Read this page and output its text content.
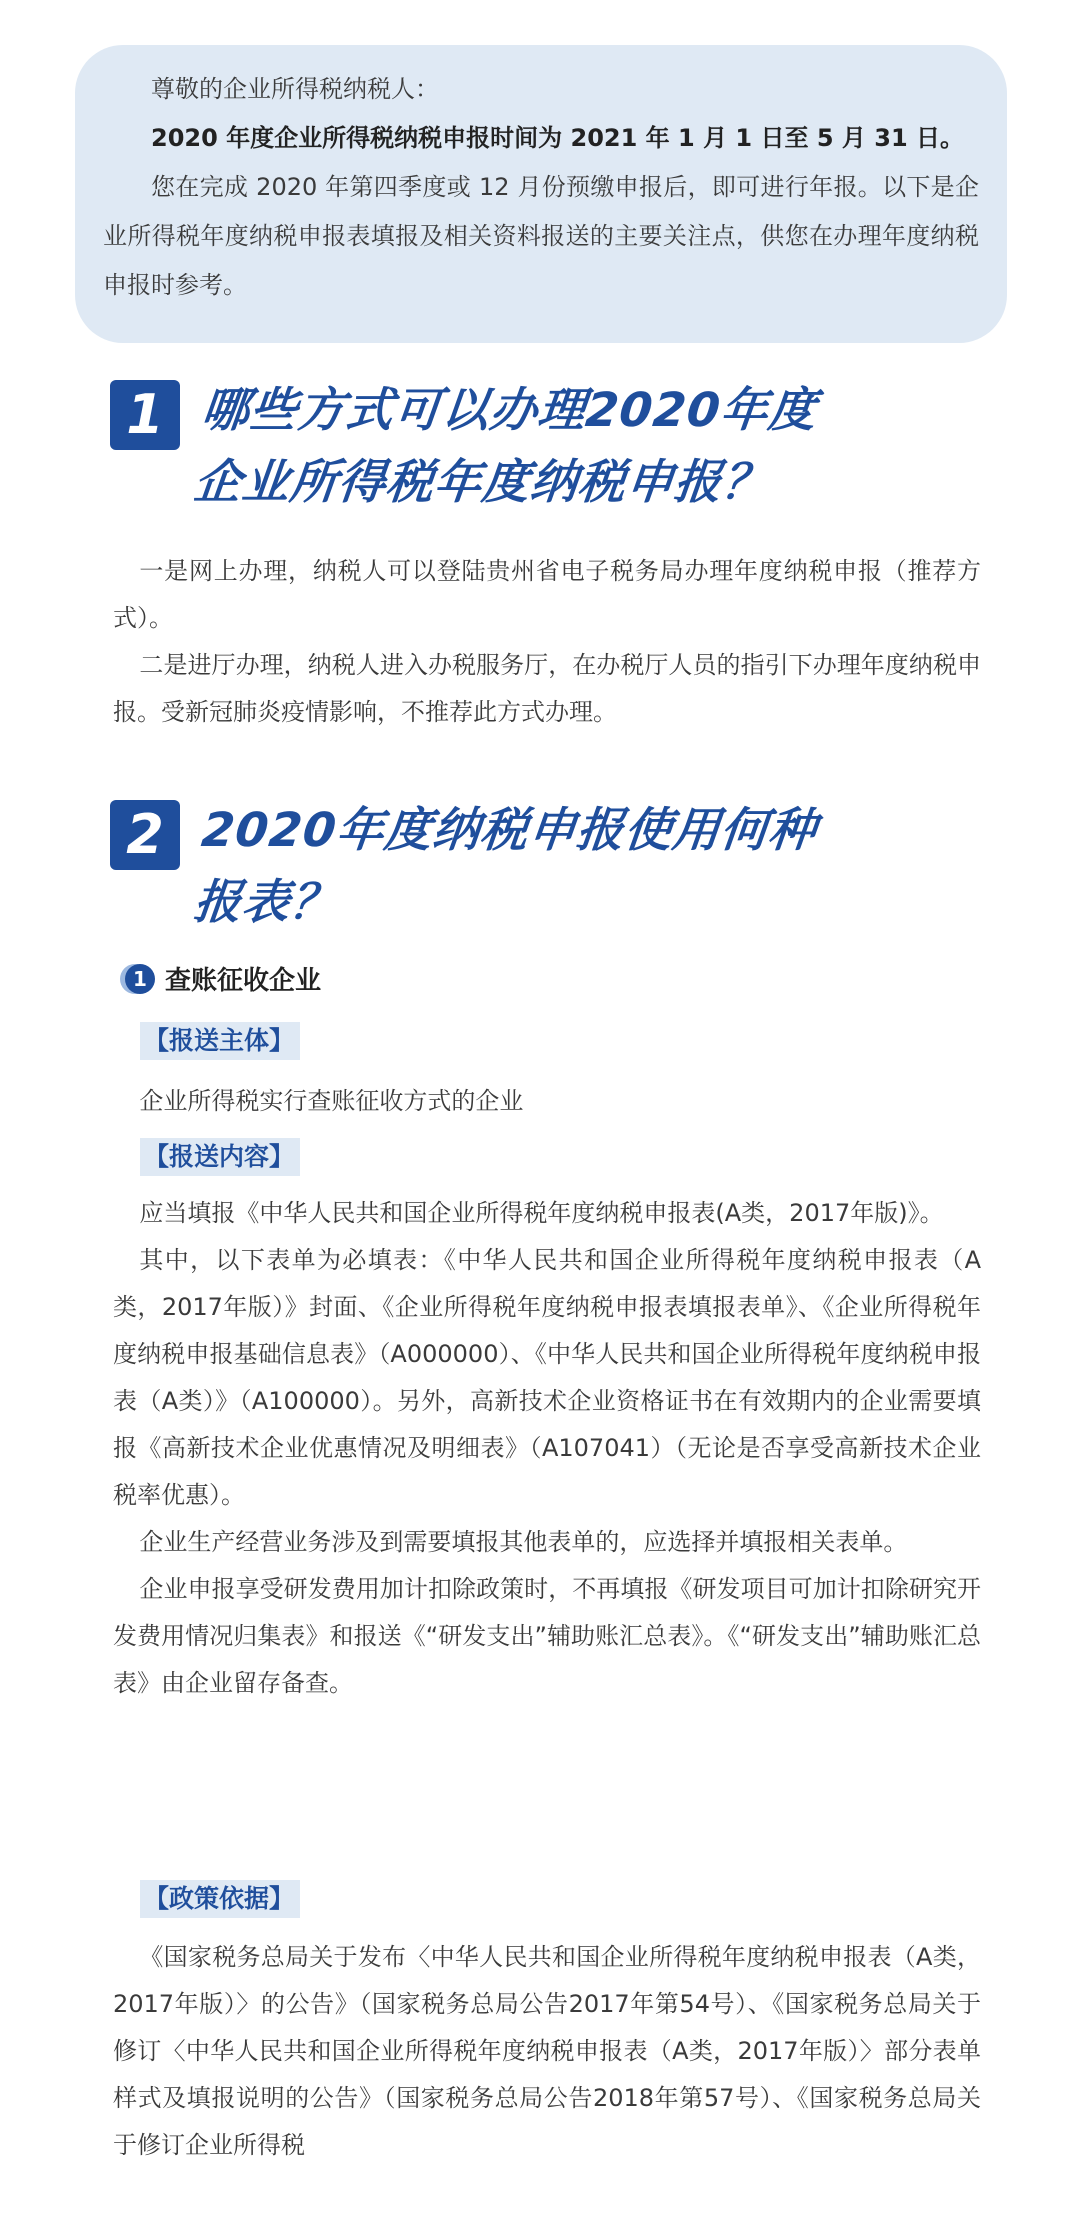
尊敬的企业所得税纳税人：

2020 年度企业所得税纳税申报时间为 2021 年 1 月 1 日至 5 月 31 日。

您在完成 2020 年第四季度或 12 月份预缴申报后，即可进行年报。以下是企业所得税年度纳税申报表填报及相关资料报送的主要关注点，供您在办理年度纳税申报时参考。

1 哪些方式可以办理2020年度
企业所得税年度纳税申报？

一是网上办理，纳税人可以登陆贵州省电子税务局办理年度纳税申报（推荐方式）。

二是进厅办理，纳税人进入办税服务厅，在办税厅人员的指引下办理年度纳税申报。受新冠肺炎疫情影响，不推荐此方式办理。

2 2020年度纳税申报使用何种
报表？
1 查账征收企业
【报送主体】

企业所得税实行查账征收方式的企业

【报送内容】

应当填报《中华人民共和国企业所得税年度纳税申报表(A类，2017年版)》。

其中，以下表单为必填表：《中华人民共和国企业所得税年度纳税申报表（A类，2017年版）》封面、《企业所得税年度纳税申报表填报表单》、《企业所得税年度纳税申报基础信息表》（A000000）、《中华人民共和国企业所得税年度纳税申报表（A类）》（A100000）。另外，高新技术企业资格证书在有效期内的企业需要填报《高新技术企业优惠情况及明细表》（A107041）（无论是否享受高新技术企业税率优惠）。

企业生产经营业务涉及到需要填报其他表单的，应选择并填报相关表单。

企业申报享受研发费用加计扣除政策时，不再填报《研发项目可加计扣除研究开发费用情况归集表》和报送《“研发支出”辅助账汇总表》。《“研发支出”辅助账汇总表》由企业留存备查。

【政策依据】

《国家税务总局关于发布〈中华人民共和国企业所得税年度纳税申报表（A类，2017年版）〉的公告》（国家税务总局公告2017年第54号）、《国家税务总局关于修订〈中华人民共和国企业所得税年度纳税申报表（A类，2017年版）〉部分表单样式及填报说明的公告》（国家税务总局公告2018年第57号）、《国家税务总局关于修订企业所得税
